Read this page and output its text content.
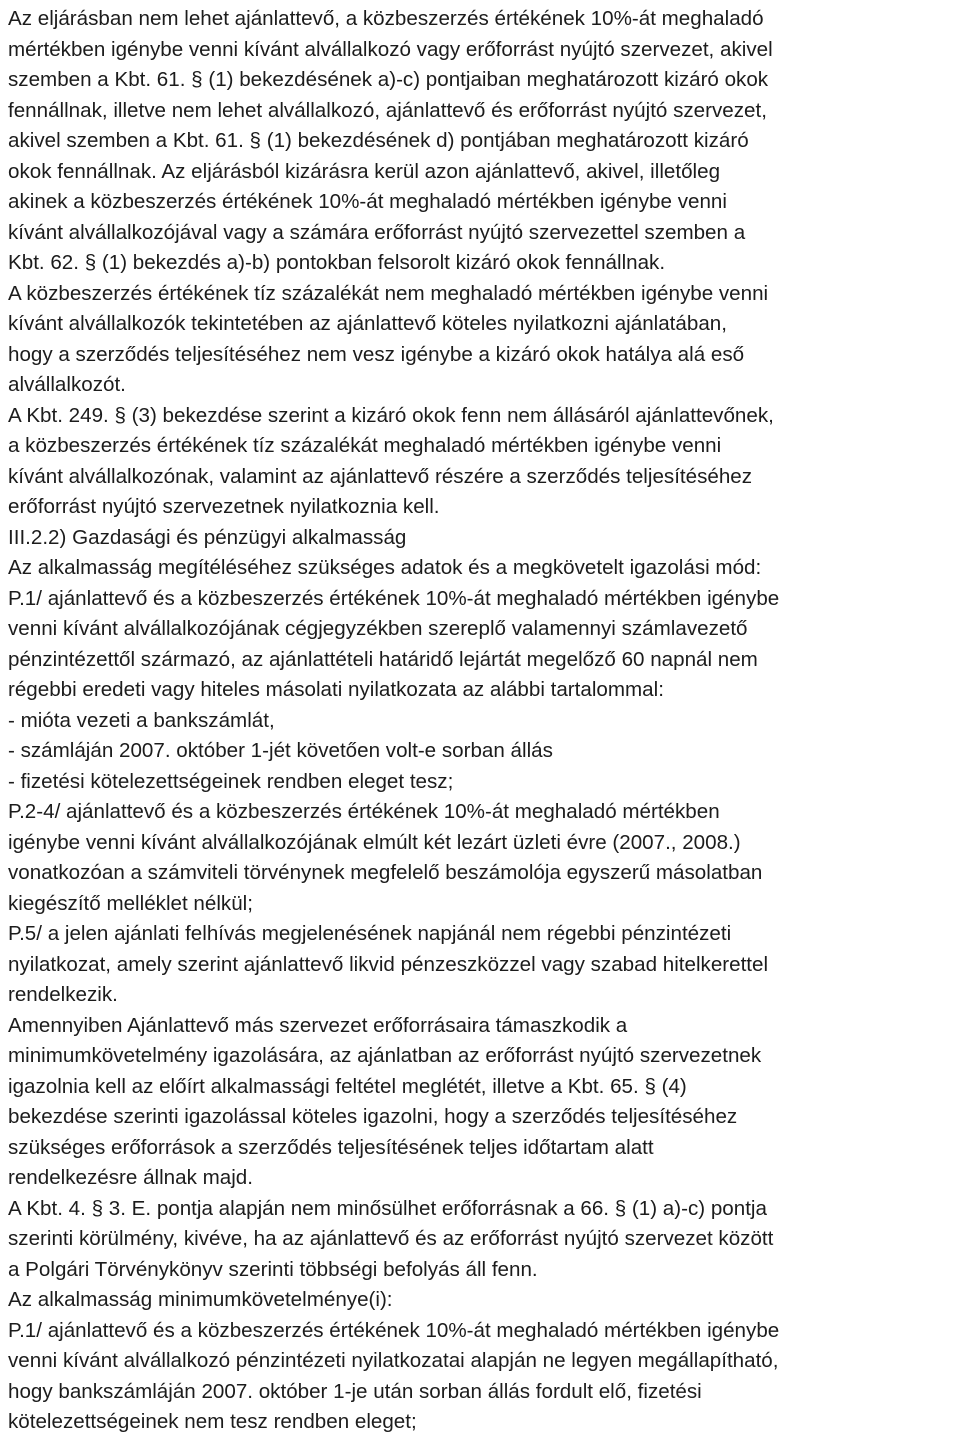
Az eljárásban nem lehet ajánlattevő, a közbeszerzés értékének 10%-át meghaladó
mértékben igénybe venni kívánt alvállalkozó vagy erőforrást nyújtó szervezet, akivel
szemben a Kbt. 61. § (1) bekezdésének a)-c) pontjaiban meghatározott kizáró okok
fennállnak, illetve nem lehet alvállalkozó, ajánlattevő és erőforrást nyújtó szervezet,
akivel szemben a Kbt. 61. § (1) bekezdésének d) pontjában meghatározott kizáró
okok fennállnak. Az eljárásból kizárásra kerül azon ajánlattevő, akivel, illetőleg
akinek a közbeszerzés értékének 10%-át meghaladó mértékben igénybe venni
kívánt alvállalkozójával vagy a számára erőforrást nyújtó szervezettel szemben a
Kbt. 62. § (1) bekezdés a)-b) pontokban felsorolt kizáró okok fennállnak.
A közbeszerzés értékének tíz százalékát nem meghaladó mértékben igénybe venni
kívánt alvállalkozók tekintetében az ajánlattevő köteles nyilatkozni ajánlatában,
hogy a szerződés teljesítéséhez nem vesz igénybe a kizáró okok hatálya alá eső
alvállalkozót.
A Kbt. 249. § (3) bekezdése szerint a kizáró okok fenn nem állásáról ajánlattevőnek,
a közbeszerzés értékének tíz százalékát meghaladó mértékben igénybe venni
kívánt alvállalkozónak, valamint az ajánlattevő részére a szerződés teljesítéséhez
erőforrást nyújtó szervezetnek nyilatkoznia kell.
III.2.2) Gazdasági és pénzügyi alkalmasság
Az alkalmasság megítéléséhez szükséges adatok és a megkövetelt igazolási mód:
P.1/ ajánlattevő és a közbeszerzés értékének 10%-át meghaladó mértékben igénybe
venni kívánt alvállalkozójának cégjegyzékben szereplő valamennyi számlavezető
pénzintézettől származó, az ajánlattételi határidő lejártát megelőző 60 napnál nem
régebbi eredeti vagy hiteles másolati nyilatkozata az alábbi tartalommal:
- mióta vezeti a bankszámlát,
- számláján 2007. október 1-jét követően volt-e sorban állás
- fizetési kötelezettségeinek rendben eleget tesz;
P.2-4/ ajánlattevő és a közbeszerzés értékének 10%-át meghaladó mértékben
igénybe venni kívánt alvállalkozójának elmúlt két lezárt üzleti évre (2007., 2008.)
vonatkozóan a számviteli törvénynek megfelelő beszámolója egyszerű másolatban
kiegészítő melléklet nélkül;
P.5/ a jelen ajánlati felhívás megjelenésének napjánál nem régebbi pénzintézeti
nyilatkozat, amely szerint ajánlattevő likvid pénzeszközzel vagy szabad hitelkerettel
rendelkezik.
Amennyiben Ajánlattevő más szervezet erőforrásaira támaszkodik a
minimumkövetelmény igazolására, az ajánlatban az erőforrást nyújtó szervezetnek
igazolnia kell az előírt alkalmassági feltétel meglétét, illetve a Kbt. 65. § (4)
bekezdése szerinti igazolással köteles igazolni, hogy a szerződés teljesítéséhez
szükséges erőforrások a szerződés teljesítésének teljes időtartam alatt
rendelkezésre állnak majd.
A Kbt. 4. § 3. E. pontja alapján nem minősülhet erőforrásnak a 66. § (1) a)-c) pontja
szerinti körülmény, kivéve, ha az ajánlattevő és az erőforrást nyújtó szervezet között
a Polgári Törvénykönyv szerinti többségi befolyás áll fenn.
Az alkalmasság minimumkövetelménye(i):
P.1/ ajánlattevő és a közbeszerzés értékének 10%-át meghaladó mértékben igénybe
venni kívánt alvállalkozó pénzintézeti nyilatkozatai alapján ne legyen megállapítható,
hogy bankszámláján 2007. október 1-je után sorban állás fordult elő, fizetési
kötelezettségeinek nem tesz rendben eleget;
